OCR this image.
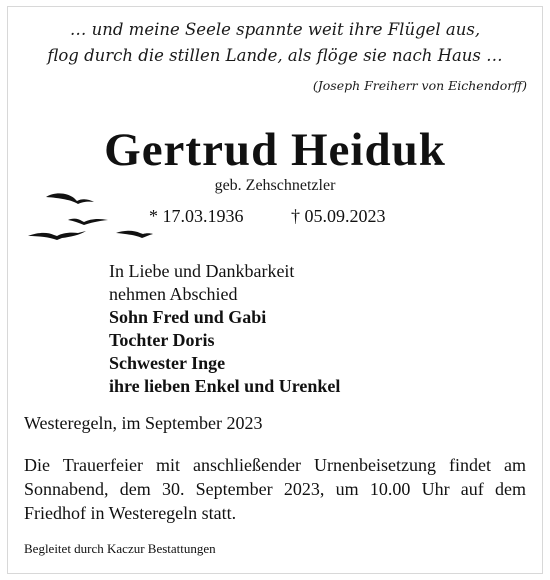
… und meine Seele spannte weit ihre Flügel aus,
flog durch die stillen Lande, als flöge sie nach Haus …
(Joseph Freiherr von Eichendorff)
Gertrud Heiduk
geb. Zehschnetzler
* 17.03.1936	† 05.09.2023
In Liebe und Dankbarkeit
nehmen Abschied
Sohn Fred und Gabi
Tochter Doris
Schwester Inge
ihre lieben Enkel und Urenkel
Westeregeln, im September 2023
Die Trauerfeier mit anschließender Urnenbeisetzung findet am Sonnabend, dem 30. September 2023, um 10.00 Uhr auf dem Friedhof in Westeregeln statt.
Begleitet durch Kaczur Bestattungen
